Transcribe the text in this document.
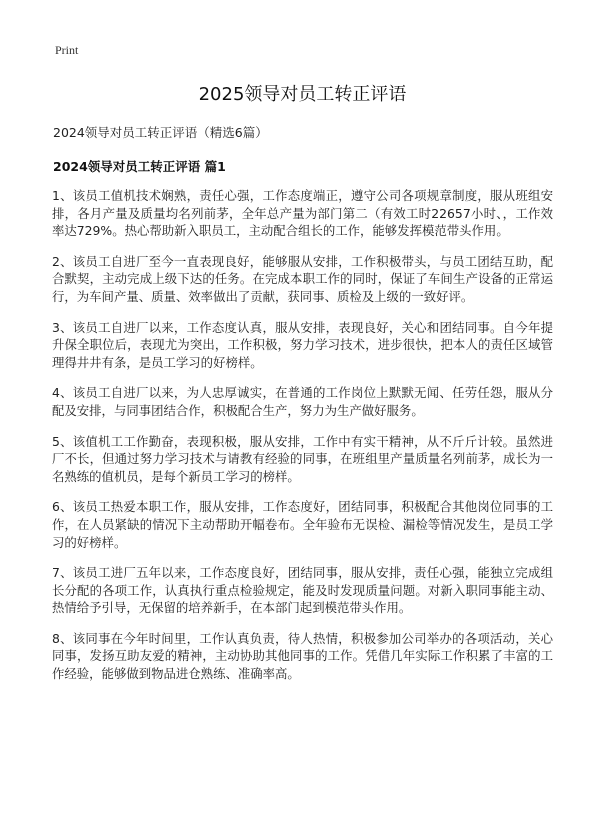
Print
2025领导对员工转正评语
2024领导对员工转正评语（精选6篇）
2024领导对员工转正评语 篇1

1、该员工值机技术娴熟，责任心强，工作态度端正，遵守公司各项规章制度，服从班组安排，各月产量及质量均名列前茅，全年总产量为部门第二（有效工时22657小时、，工作效率达729%。热心帮助新入职员工，主动配合组长的工作，能够发挥模范带头作用。

2、该员工自进厂至今一直表现良好，能够服从安排，工作积极带头，与员工团结互助，配合默契，主动完成上级下达的任务。在完成本职工作的同时，保证了车间生产设备的正常运行，为车间产量、质量、效率做出了贡献，获同事、质检及上级的一致好评。

3、该员工自进厂以来，工作态度认真，服从安排，表现良好，关心和团结同事。自今年提升保全职位后，表现尤为突出，工作积极，努力学习技术，进步很快，把本人的责任区域管理得井井有条，是员工学习的好榜样。

4、该员工自进厂以来，为人忠厚诚实，在普通的工作岗位上默默无闻、任劳任怨，服从分配及安排，与同事团结合作，积极配合生产，努力为生产做好服务。

5、该值机工工作勤奋，表现积极，服从安排，工作中有实干精神，从不斤斤计较。虽然进厂不长，但通过努力学习技术与请教有经验的同事，在班组里产量质量名列前茅，成长为一名熟练的值机员，是每个新员工学习的榜样。

6、该员工热爱本职工作，服从安排，工作态度好，团结同事，积极配合其他岗位同事的工作，在人员紧缺的情况下主动帮助开幅卷布。全年验布无误检、漏检等情况发生，是员工学习的好榜样。

7、该员工进厂五年以来，工作态度良好，团结同事，服从安排，责任心强，能独立完成组长分配的各项工作，认真执行重点检验规定，能及时发现质量问题。对新入职同事能主动、热情给予引导，无保留的培养新手，在本部门起到模范带头作用。

8、该同事在今年时间里，工作认真负责，待人热情，积极参加公司举办的各项活动，关心同事，发扬互助友爱的精神，主动协助其他同事的工作。凭借几年实际工作积累了丰富的工作经验，能够做到物品进仓熟练、准确率高。
